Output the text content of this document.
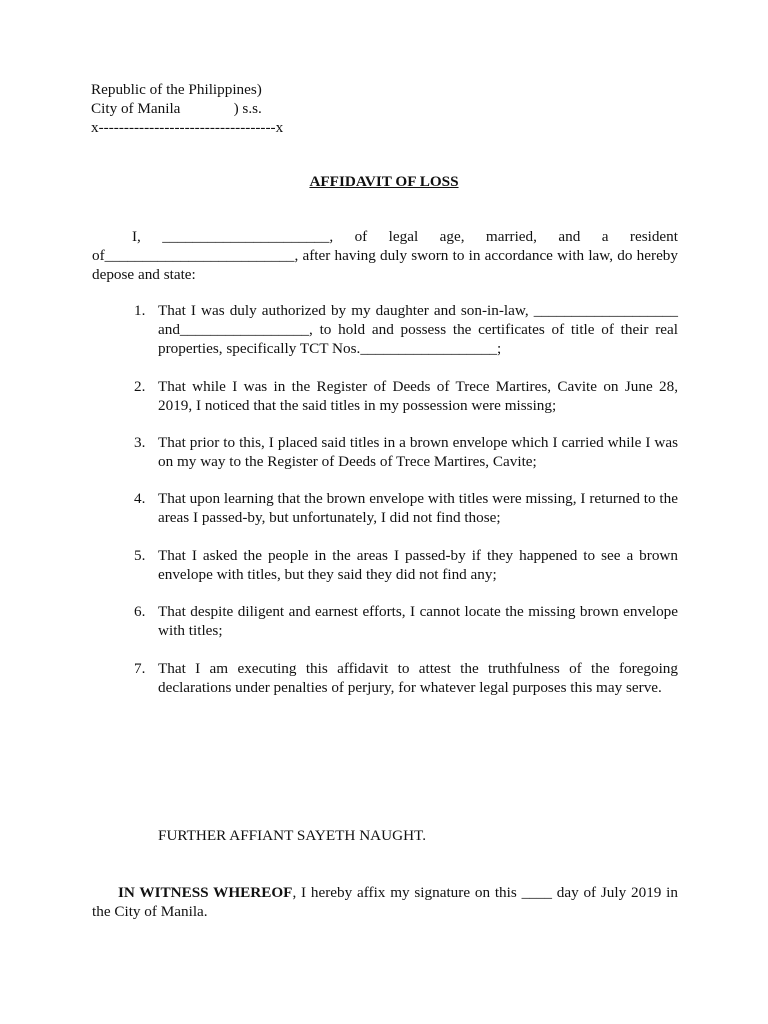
Republic of the Philippines)
City of Manila              ) s.s.
x-----------------------------------x
AFFIDAVIT OF LOSS
I, ______________________, of legal age, married, and a resident of_________________________, after having duly sworn to in accordance with law, do hereby depose and state:
1. That I was duly authorized by my daughter and son-in-law, ___________________ and_________________, to hold and possess the certificates of title of their real properties, specifically TCT Nos.__________________;
2. That while I was in the Register of Deeds of Trece Martires, Cavite on June 28, 2019, I noticed that the said titles in my possession were missing;
3. That prior to this, I placed said titles in a brown envelope which I carried while I was on my way to the Register of Deeds of Trece Martires, Cavite;
4. That upon learning that the brown envelope with titles were missing, I returned to the areas I passed-by, but unfortunately, I did not find those;
5. That I asked the people in the areas I passed-by if they happened to see a brown envelope with titles, but they said they did not find any;
6. That despite diligent and earnest efforts, I cannot locate the missing brown envelope with titles;
7. That I am executing this affidavit to attest the truthfulness of the foregoing declarations under penalties of perjury, for whatever legal purposes this may serve.
FURTHER AFFIANT SAYETH NAUGHT.
IN WITNESS WHEREOF, I hereby affix my signature on this ____ day of July 2019 in the City of Manila.
